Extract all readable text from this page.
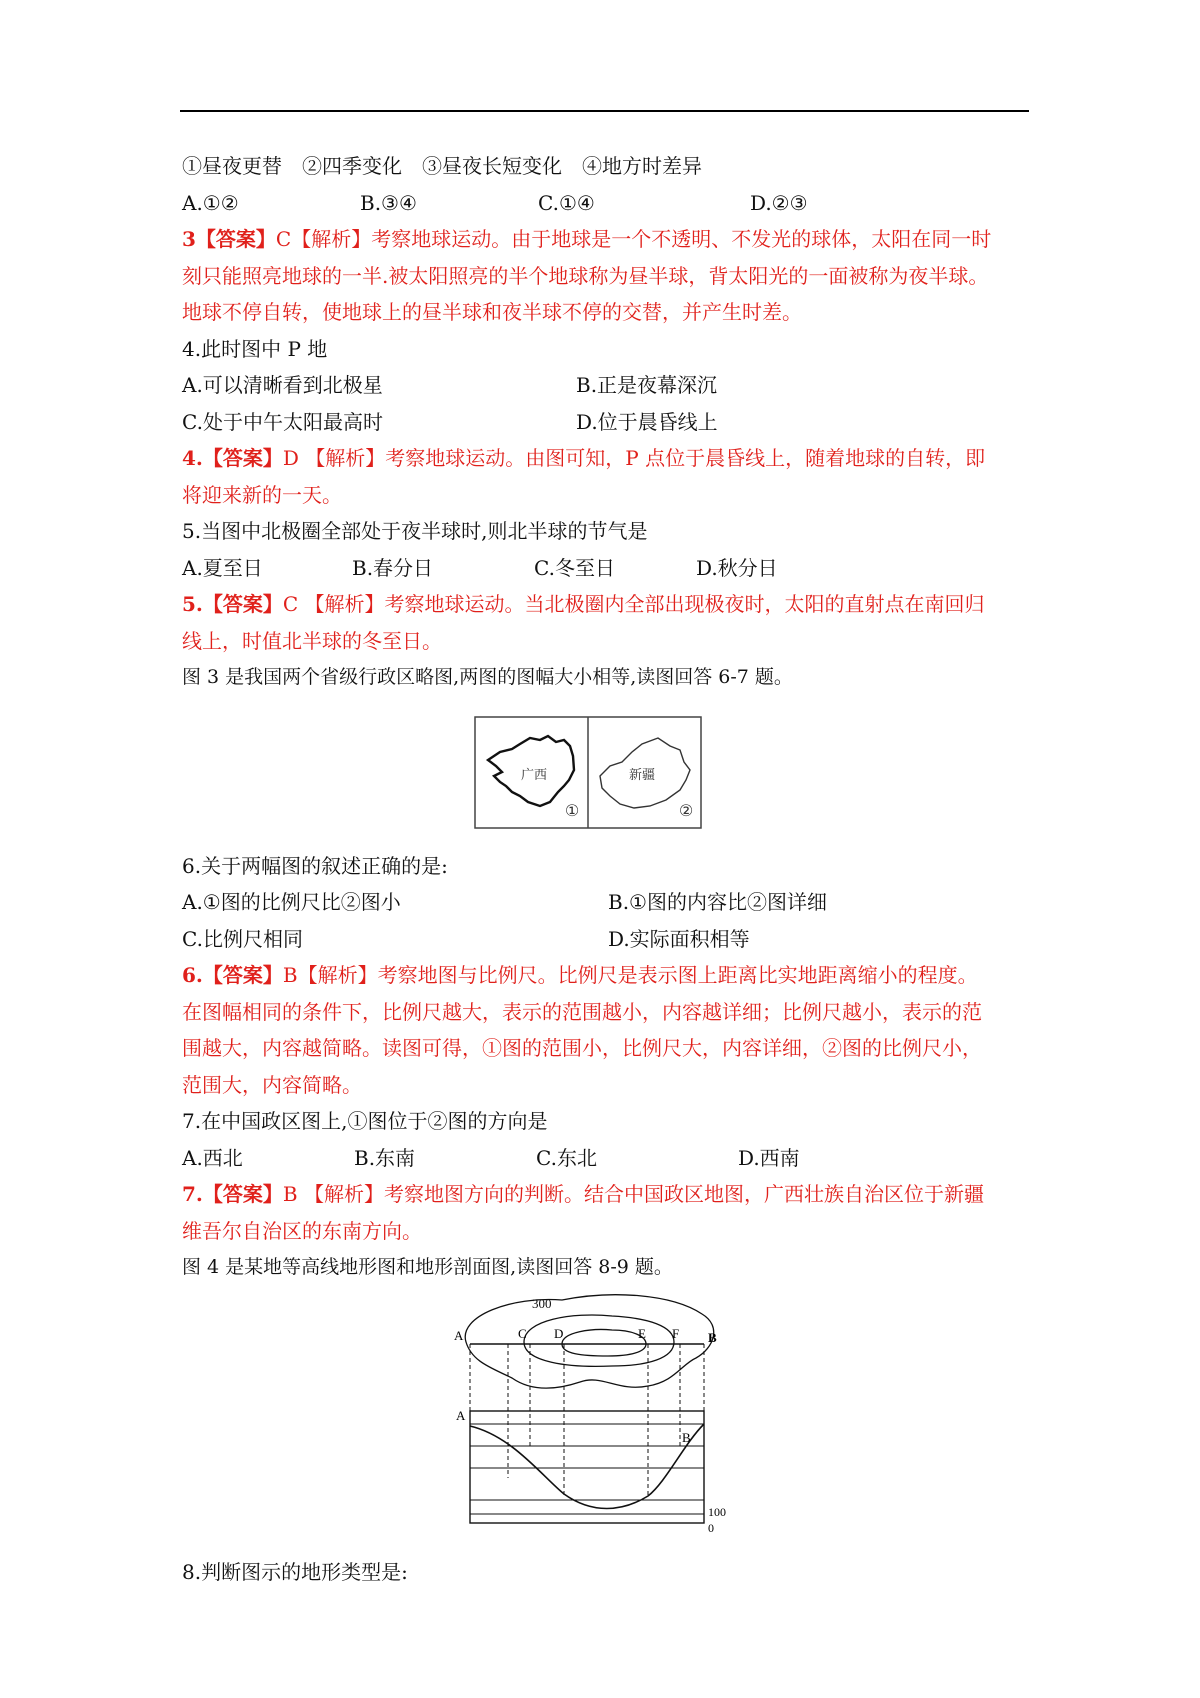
①昼夜更替　②四季变化　③昼夜长短变化　④地方时差异
A.①②	B.③④	C.①④	D.②③
3【答案】C【解析】考察地球运动。由于地球是一个不透明、不发光的球体，太阳在同一时
刻只能照亮地球的一半.被太阳照亮的半个地球称为昼半球，背太阳光的一面被称为夜半球。
地球不停自转，使地球上的昼半球和夜半球不停的交替，并产生时差。
4.此时图中 P 地
A.可以清晰看到北极星	B.正是夜幕深沉
C.处于中午太阳最高时	D.位于晨昏线上
4.【答案】D 【解析】考察地球运动。由图可知，P 点位于晨昏线上，随着地球的自转，即
将迎来新的一天。
5.当图中北极圈全部处于夜半球时,则北半球的节气是
A.夏至日	B.春分日	C.冬至日	D.秋分日
5.【答案】C 【解析】考察地球运动。当北极圈内全部出现极夜时，太阳的直射点在南回归
线上，时值北半球的冬至日。
图 3 是我国两个省级行政区略图,两图的图幅大小相等,读图回答 6-7 题。
广西
①
新疆
②
6.关于两幅图的叙述正确的是:
A.①图的比例尺比②图小	B.①图的内容比②图详细
C.比例尺相同	D.实际面积相等
6.【答案】B【解析】考察地图与比例尺。比例尺是表示图上距离比实地距离缩小的程度。
在图幅相同的条件下，比例尺越大，表示的范围越小，内容越详细；比例尺越小，表示的范
围越大，内容越简略。读图可得，①图的范围小，比例尺大，内容详细，②图的比例尺小，
范围大，内容简略。
7.在中国政区图上,①图位于②图的方向是
A.西北	B.东南	C.东北	D.西南
7.【答案】B 【解析】考察地图方向的判断。结合中国政区地图，广西壮族自治区位于新疆
维吾尔自治区的东南方向。
图 4 是某地等高线地形图和地形剖面图,读图回答 8-9 题。
300
A	C D	E F B
A
B
100
0
8.判断图示的地形类型是:
